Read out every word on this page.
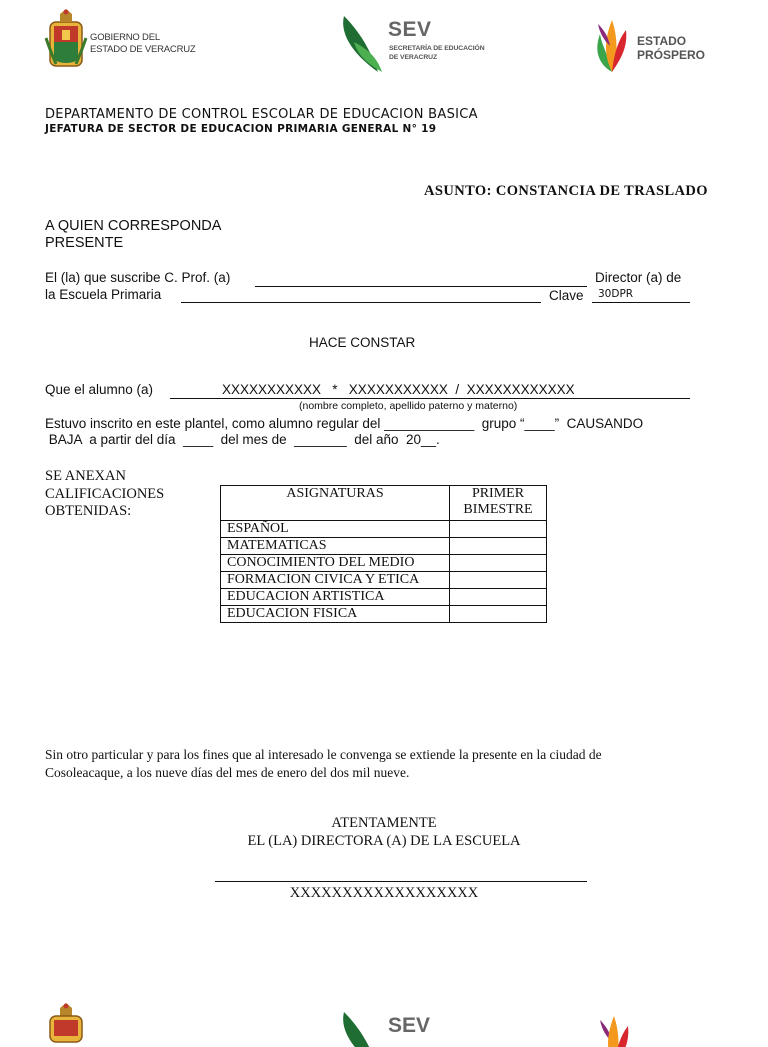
GOBIERNO DEL
ESTADO DE VERACRUZ
SEV
SECRETARÍA DE EDUCACIÓN
DE VERACRUZ
ESTADO
PRÓSPERO
DEPARTAMENTO DE CONTROL ESCOLAR DE EDUCACION BASICA
JEFATURA DE SECTOR DE EDUCACION PRIMARIA GENERAL N° 19
ASUNTO: CONSTANCIA DE TRASLADO
A QUIEN CORRESPONDA
PRESENTE
El (la) que suscribe C. Prof. (a)	Director (a) de
la Escuela Primaria	Clave 30DPR
HACE CONSTAR
Que el alumno (a)	XXXXXXXXXXX   *   XXXXXXXXXXX  /  XXXXXXXXXXXX
(nombre completo, apellido paterno y materno)
Estuvo inscrito en este plantel, como alumno regular del ____________  grupo “____”  CAUSANDO
BAJA  a partir del día  ____  del mes de  _______  del año  20__.
SE ANEXAN
CALIFICACIONES
OBTENIDAS:
ASIGNATURAS	PRIMER
BIMESTRE

ESPAÑOL	
MATEMATICAS	
CONOCIMIENTO DEL MEDIO	
FORMACION CIVICA Y ETICA	
EDUCACION ARTISTICA	
EDUCACION FISICA	
Sin otro particular y para los fines que al interesado le convenga se extiende la presente en la ciudad de
Cosoleacaque, a los nueve días del mes de enero del dos mil nueve.
ATENTAMENTE
EL (LA) DIRECTORA (A) DE LA ESCUELA
XXXXXXXXXXXXXXXXXX
SEV
